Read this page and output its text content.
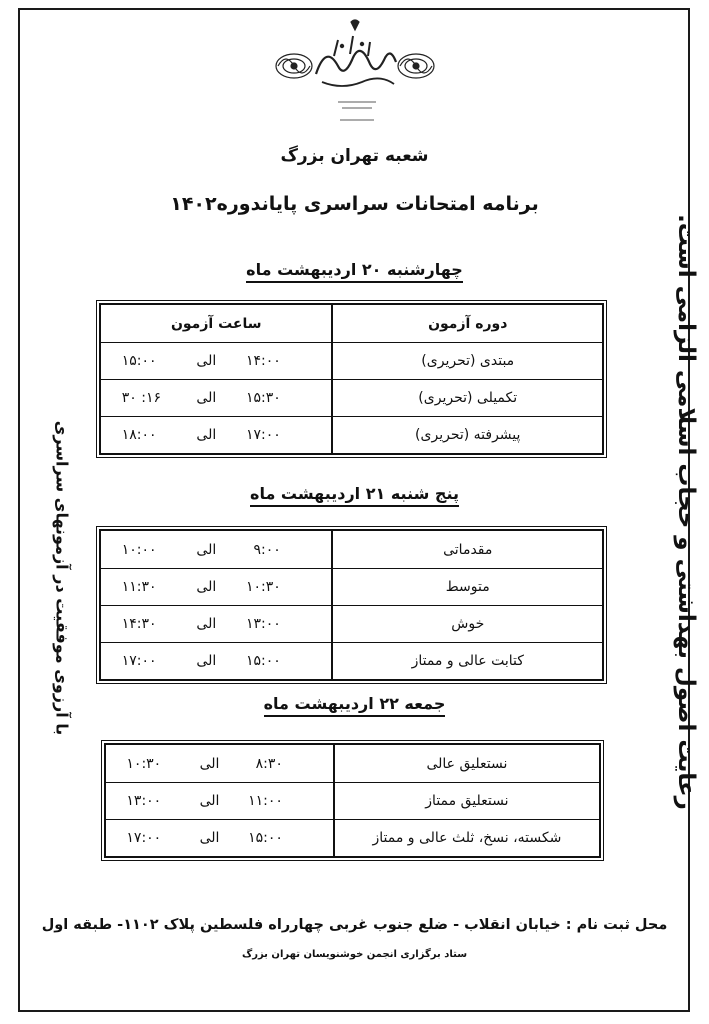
شعبه تهران بزرگ
برنامه امتحانات سراسری پایاندوره۱۴۰۲
چهارشنبه ۲۰ اردیبهشت ماه
دوره آزمون
ساعت آزمون
مبتدی (تحریری)
۱۴:۰۰
الی
۱۵:۰۰
تکمیلی (تحریری)
۱۵:۳۰
الی
۱۶: ۳۰
پیشرفته (تحریری)
۱۷:۰۰
الی
۱۸:۰۰
پنج شنبه ۲۱ اردیبهشت ماه
مقدماتی
۹:۰۰
الی
۱۰:۰۰
متوسط
۱۰:۳۰
الی
۱۱:۳۰
خوش
۱۳:۰۰
الی
۱۴:۳۰
کتابت عالی و ممتاز
۱۵:۰۰
الی
۱۷:۰۰
جمعه ۲۲ اردیبهشت ماه
نستعلیق عالی
۸:۳۰
الی
۱۰:۳۰
نستعلیق ممتاز
۱۱:۰۰
الی
۱۳:۰۰
شکسته، نسخ، ثلث عالی و ممتاز
۱۵:۰۰
الی
۱۷:۰۰
رعایت اصول بهداشتی و حجاب اسلامی الزامی است.
با آرزوی موفقیت در آزمونهای سراسری
محل ثبت نام : خیابان انقلاب - ضلع جنوب غربی چهارراه فلسطین پلاک ۱۱۰۲- طبقه اول
ستاد برگزاری انجمن خوشنویسان تهران بزرگ
